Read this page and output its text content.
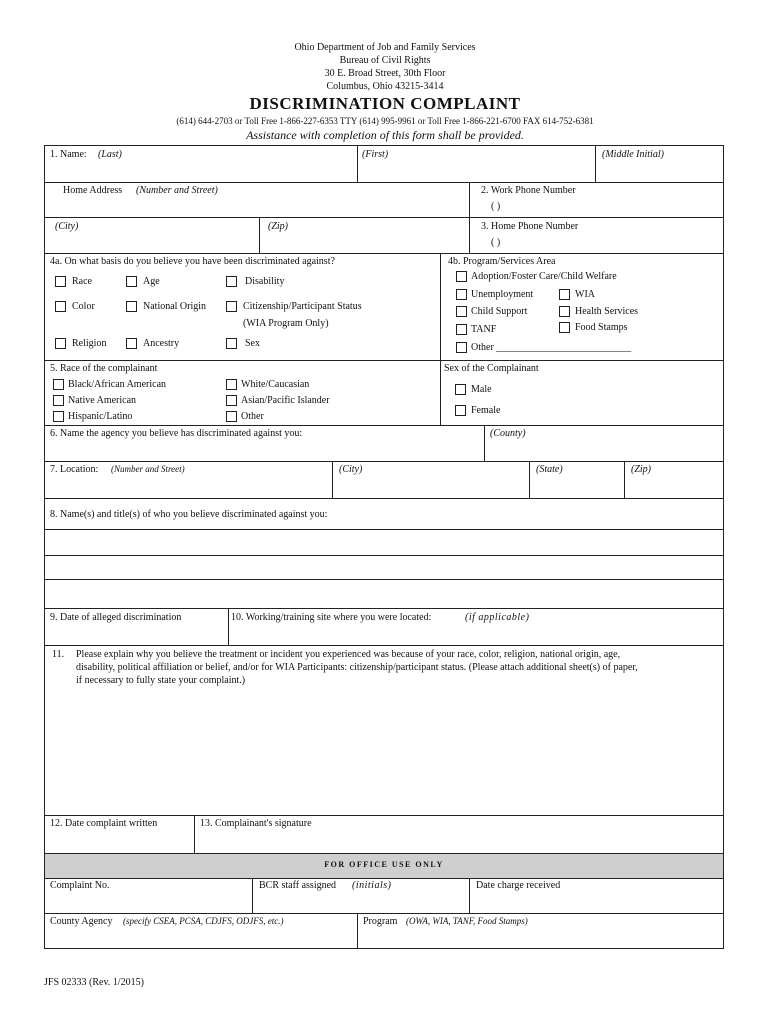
Ohio Department of Job and Family Services
Bureau of Civil Rights
30 E. Broad Street, 30th Floor
Columbus, Ohio 43215-3414
DISCRIMINATION COMPLAINT
(614) 644-2703 or Toll Free 1-866-227-6353 TTY (614) 995-9961 or Toll Free 1-866-221-6700 FAX 614-752-6381
Assistance with completion of this form shall be provided.
1. Name: (Last)	(First)	(Middle Initial)
Home Address (Number and Street)	2. Work Phone Number
( )
(City)	(Zip)	3. Home Phone Number
( )
4a. On what basis do you believe you have been discriminated against?
Race	Age	Disability
Color	National Origin	Citizenship/Participant Status
(WIA Program Only)
Religion	Ancestry	Sex
4b. Program/Services Area
Adoption/Foster Care/Child Welfare
Unemployment	WIA
Child Support	Health Services
TANF	Food Stamps
Other ___________________________
5. Race of the complainant
Black/African American	White/Caucasian
Native American	Asian/Pacific Islander
Hispanic/Latino	Other
Sex of the Complainant
Male
Female
6. Name the agency you believe has discriminated against you:	(County)
7. Location: (Number and Street)	(City)	(State)	(Zip)
8. Name(s) and title(s) of who you believe discriminated against you:
9. Date of alleged discrimination	10. Working/training site where you were located:	(if applicable)
11. Please explain why you believe the treatment or incident you experienced was because of your race, color, religion, national origin, age,
disability, political affiliation or belief, and/or for WIA Participants: citizenship/participant status. (Please attach additional sheet(s) of paper,
if necessary to fully state your complaint.)
12. Date complaint written	13. Complainant's signature
FOR OFFICE USE ONLY
Complaint No.	BCR staff assigned (initials)	Date charge received
County Agency (specify CSEA, PCSA, CDJFS, ODJFS, etc.)	Program (OWA, WIA, TANF, Food Stamps)
JFS 02333 (Rev. 1/2015)
